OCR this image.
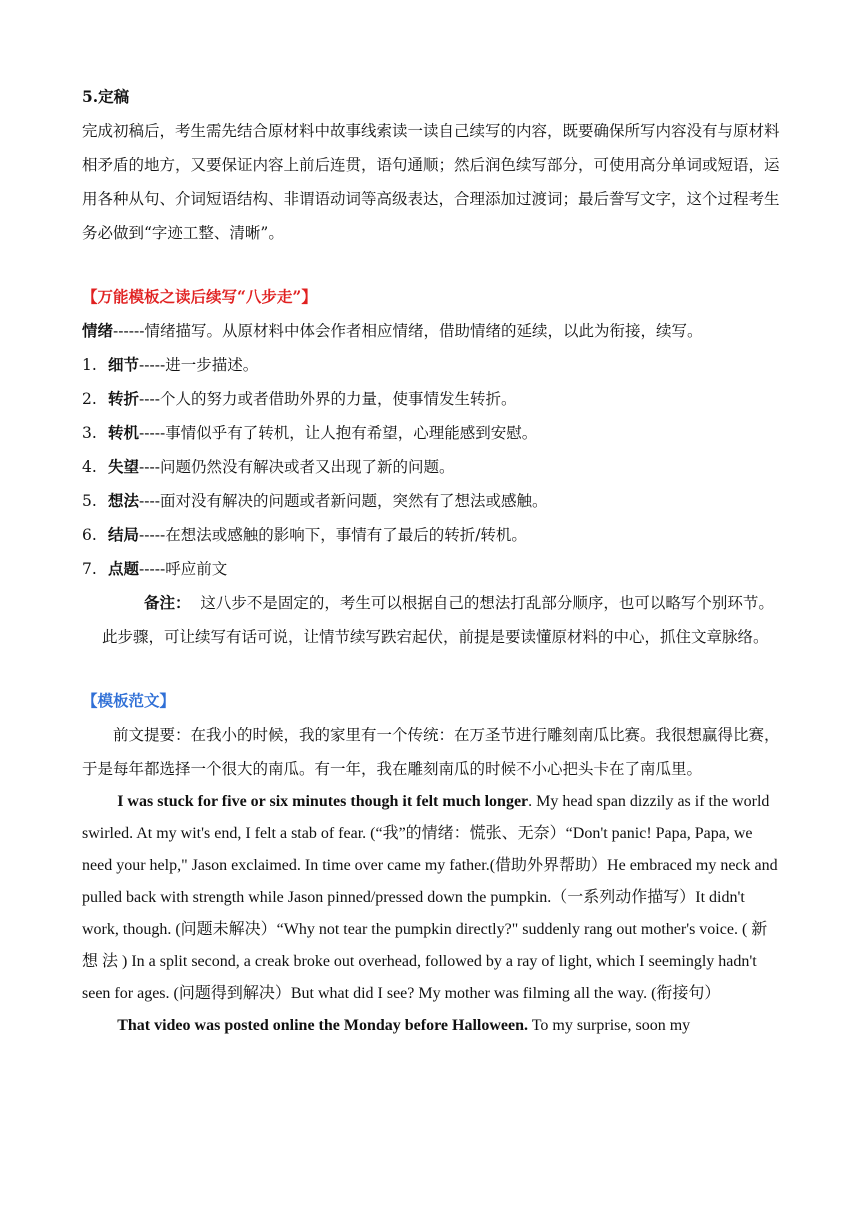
5.定稿

完成初稿后，考生需先结合原材料中故事线索读一读自己续写的内容，既要确保所写内容没有与原材料相矛盾的地方，又要保证内容上前后连贯，语句通顺；然后润色续写部分，可使用高分单词或短语，运用各种从句、介词短语结构、非谓语动词等高级表达，合理添加过渡词；最后誊写文字，这个过程考生务必做到“字迹工整、清晰”。

【万能模板之读后续写“八步走”】

情绪------情绪描写。从原材料中体会作者相应情绪，借助情绪的延续，以此为衔接，续写。

1. 细节 -----进一步描述。
2. 转折 ----个人的努力或者借助外界的力量，使事情发生转折。
3. 转机 -----事情似乎有了转机，让人抱有希望，心理能感到安慰。
4. 失望 ----问题仍然没有解决或者又出现了新的问题。
5. 想法 ----面对没有解决的问题或者新问题，突然有了想法或感触。
6. 结局 -----在想法或感触的影响下，事情有了最后的转折/转机。
7. 点题 -----呼应前文

备注： 这八步不是固定的，考生可以根据自己的想法打乱部分顺序，也可以略写个别环节。此步骤，可让续写有话可说，让情节续写跌宕起伏，前提是要读懂原材料的中心，抓住文章脉络。

【模板范文】

前文提要：在我小的时候，我的家里有一个传统：在万圣节进行雕刻南瓜比赛。我很想赢得比赛，于是每年都选择一个很大的南瓜。有一年，我在雕刻南瓜的时候不小心把头卡在了南瓜里。

I was stuck for five or six minutes though it felt much longer. My head span dizzily as if the world swirled. At my wit's end, I felt a stab of fear. (“我”的情绪：慌张、无奈）“Don't panic! Papa, Papa, we need your help," Jason exclaimed. In time over came my father.(借助外界帮助）He embraced my neck and pulled back with strength while Jason pinned/pressed down the pumpkin.（一系列动作描写）It didn't work, though. (问题未解决）“Why not tear the pumpkin directly?" suddenly rang out mother's voice. ( 新 想 法 ) In a split second, a creak broke out overhead, followed by a ray of light, which I seemingly hadn't seen for ages. (问题得到解决）But what did I see? My mother was filming all the way. (衔接句）

That video was posted online the Monday before Halloween. To my surprise, soon my
